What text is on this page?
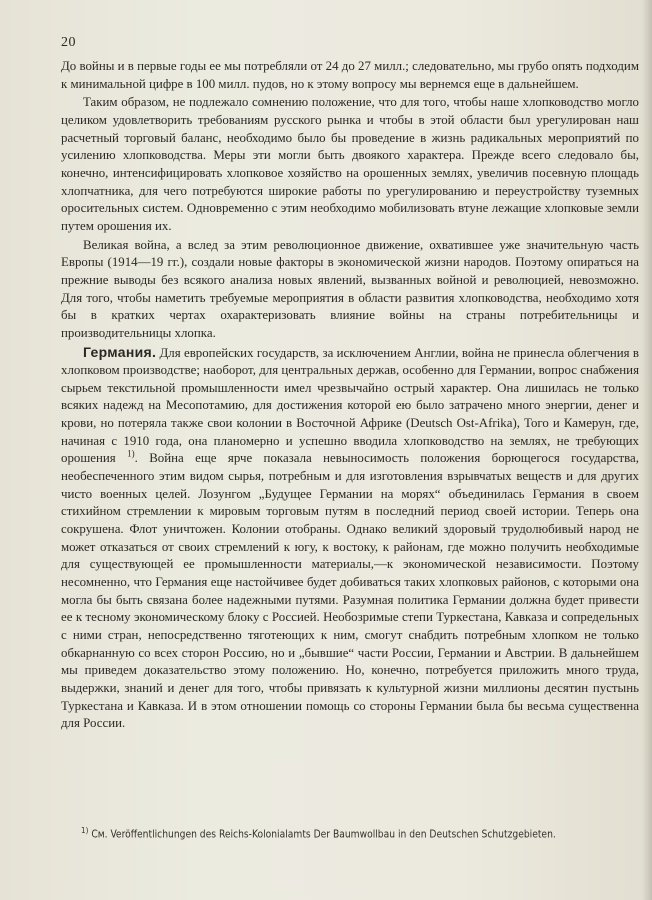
20

До войны и в первые годы ее мы потребляли от 24 до 27 милл.; следовательно, мы грубо опять подходим к минимальной цифре в 100 милл. пудов, но к этому вопросу мы вернемся еще в дальнейшем.

Таким образом, не подлежало сомнению положение, что для того, чтобы наше хлопководство могло целиком удовлетворить требованиям русского рынка и чтобы в этой области был урегулирован наш расчетный торговый баланс, необходимо было бы проведение в жизнь радикальных мероприятий по усилению хлопководства. Меры эти могли быть двоякого характера. Прежде всего следовало бы, конечно, интенсифицировать хлопковое хозяйство на орошенных землях, увеличив посевную площадь хлопчатника, для чего потребуются широкие работы по урегулированию и переустройству туземных оросительных систем. Одновременно с этим необходимо мобилизовать втуне лежащие хлопковые земли путем орошения их.

Великая война, а вслед за этим революционное движение, охватившее уже значительную часть Европы (1914—19 гг.), создали новые факторы в экономической жизни народов. Поэтому опираться на прежние выводы без всякого анализа новых явлений, вызванных войной и революцией, невозможно. Для того, чтобы наметить требуемые мероприятия в области развития хлопководства, необходимо хотя бы в кратких чертах охарактеризовать влияние войны на страны потребительницы и производительницы хлопка.

Германия. Для европейских государств, за исключением Англии, война не принесла облегчения в хлопковом производстве; наоборот, для центральных держав, особенно для Германии, вопрос снабжения сырьем текстильной промышленности имел чрезвычайно острый характер. Она лишилась не только всяких надежд на Месопотамию, для достижения которой ею было затрачено много энергии, денег и крови, но потеряла также свои колонии в Восточной Африке (Deutsch Ost-Afrika), Того и Камерун, где, начиная с 1910 года, она планомерно и успешно вводила хлопководство на землях, не требующих орошения $^{1)}$. Война еще ярче показала невыносимость положения борющегося государства, необеспеченного этим видом сырья, потребным и для изготовления взрывчатых веществ и для других чисто военных целей. Лозунгом „Будущее Германии на морях“ объединилась Германия в своем стихийном стремлении к мировым торговым путям в последний период своей истории. Теперь она сокрушена. Флот уничтожен. Колонии отобраны. Однако великий здоровый трудолюбивый народ не может отказаться от своих стремлений к югу, к востоку, к районам, где можно получить необходимые для существующей ее промышленности материалы,—к экономической независимости. Поэтому несомненно, что Германия еще настойчивее будет добиваться таких хлопковых районов, с которыми она могла бы быть связана более надежными путями. Разумная политика Германии должна будет привести ее к тесному экономическому блоку с Россией. Необозримые степи Туркестана, Кавказа и сопредельных с ними стран, непосредственно тяготеющих к ним, смогут снабдить потребным хлопком не только обкарнанную со всех сторон Россию, но и „бывшие“ части России, Германии и Австрии. В дальнейшем мы приведем доказательство этому положению. Но, конечно, потребуется приложить много труда, выдержки, знаний и денег для того, чтобы привязать к культурной жизни миллионы десятин пустынь Туркестана и Кавказа. И в этом отношении помощь со стороны Германии была бы весьма существенна для России.

$^{1)}$ См. Veröffentlichungen des Reichs-Kolonialamts Der Baumwollbau in den Deutschen Schutzgebieten.
